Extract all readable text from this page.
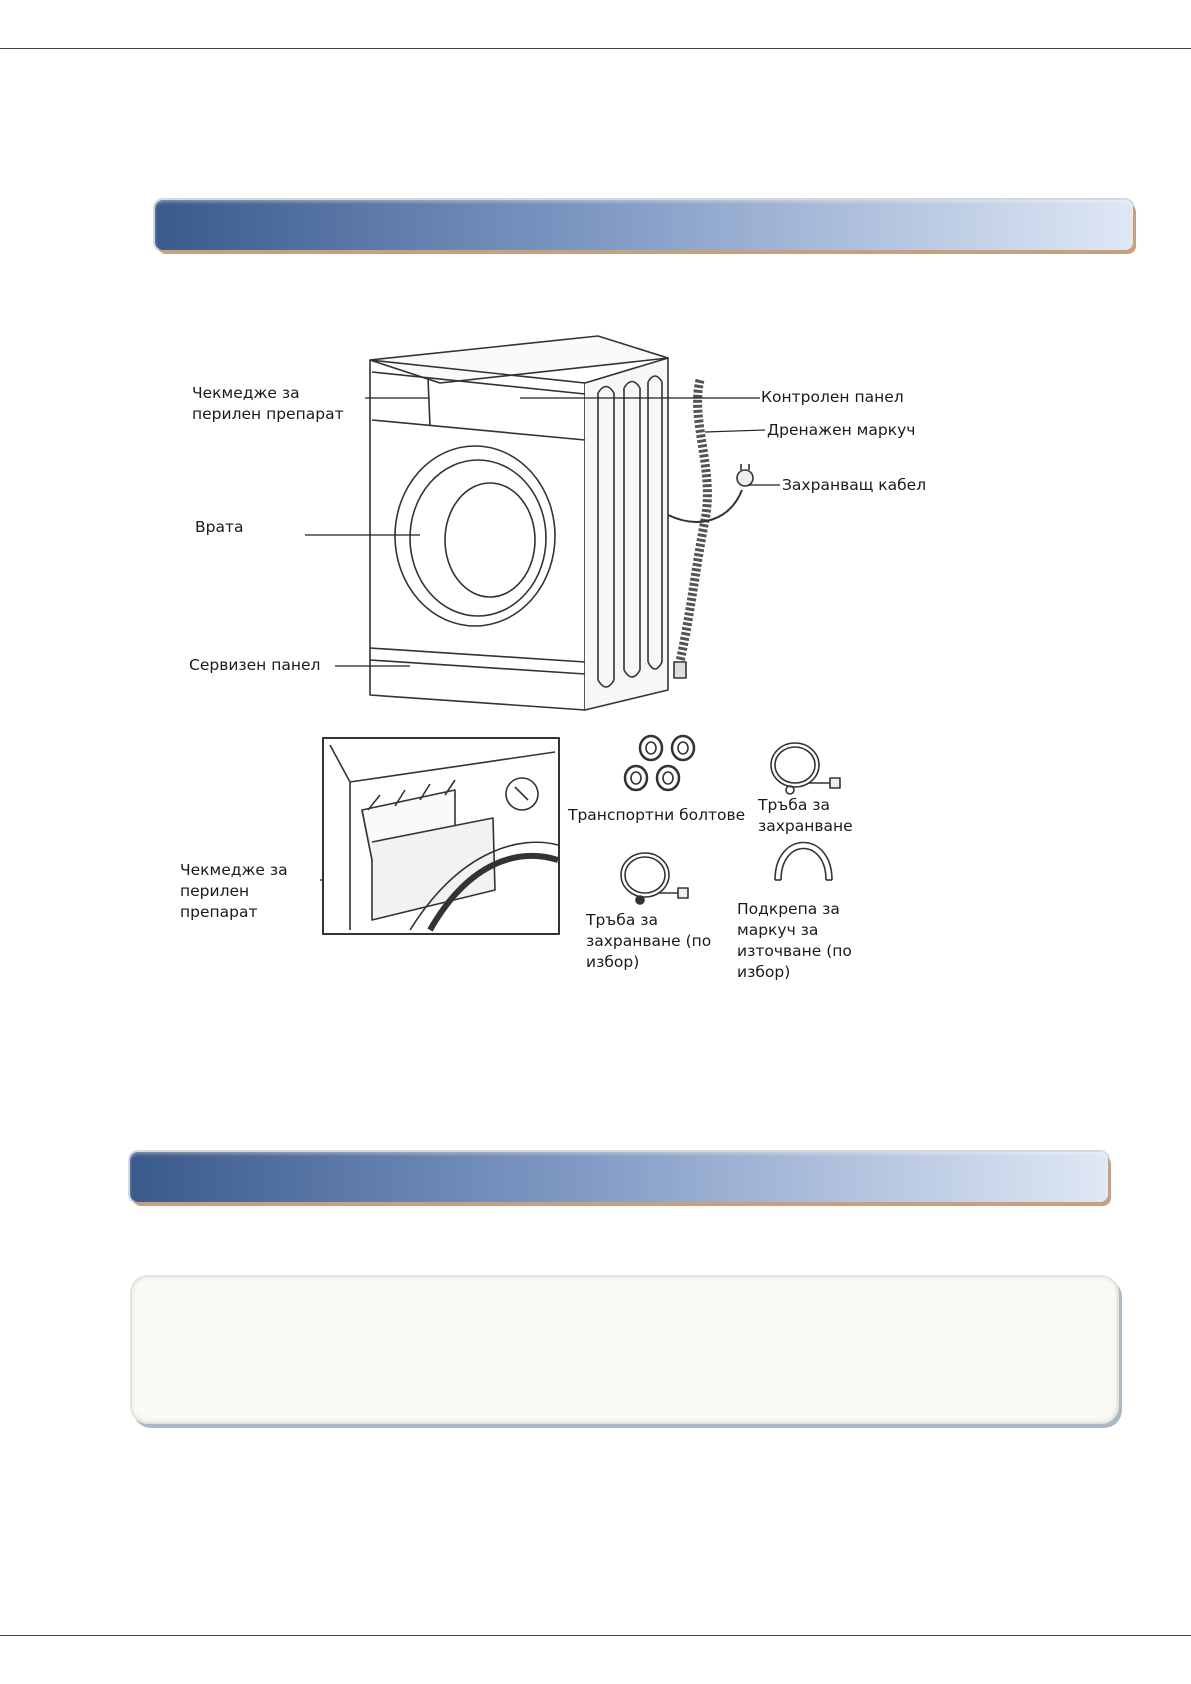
Чекмедже за перилен препарат
Врата
Сервизен панел
Контролен панел
Дренажен маркуч
Захранващ кабел
Чекмедже за перилен препарат
Транспортни болтове
Тръба за захранване
Тръба за захранване (по избор)
Подкрепа за маркуч за източване (по избор)
